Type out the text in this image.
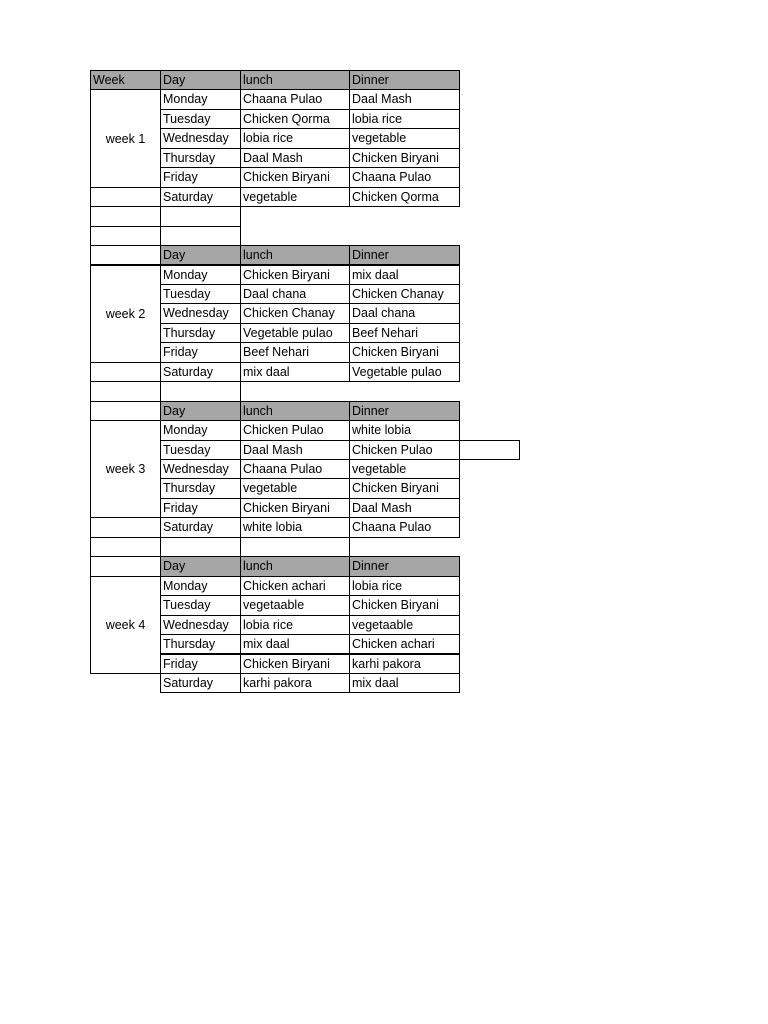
Week	Day	lunch	Dinner
week 1
Monday	Chaana Pulao	Daal Mash
Tuesday	Chicken Qorma	lobia rice
Wednesday	lobia rice	vegetable
Thursday	Daal Mash	Chicken Biryani
Friday	Chicken Biryani	Chaana Pulao
Saturday	vegetable	Chicken Qorma
Day	lunch	Dinner
week 2
Monday	Chicken Biryani	mix daal
Tuesday	Daal chana	Chicken Chanay
Wednesday	Chicken Chanay	Daal chana
Thursday	Vegetable pulao	Beef Nehari
Friday	Beef Nehari	Chicken Biryani
Saturday	mix daal	Vegetable pulao
Day	lunch	Dinner
week 3
Monday	Chicken Pulao	white lobia
Tuesday	Daal Mash	Chicken Pulao
Wednesday	Chaana Pulao	vegetable
Thursday	vegetable	Chicken Biryani
Friday	Chicken Biryani	Daal Mash
Saturday	white lobia	Chaana Pulao
Day	lunch	Dinner
week 4
Monday	Chicken achari	lobia rice
Tuesday	vegetaable	Chicken Biryani
Wednesday	lobia rice	vegetaable
Thursday	mix daal	Chicken achari
Friday	Chicken Biryani	karhi pakora
Saturday	karhi pakora	mix daal
